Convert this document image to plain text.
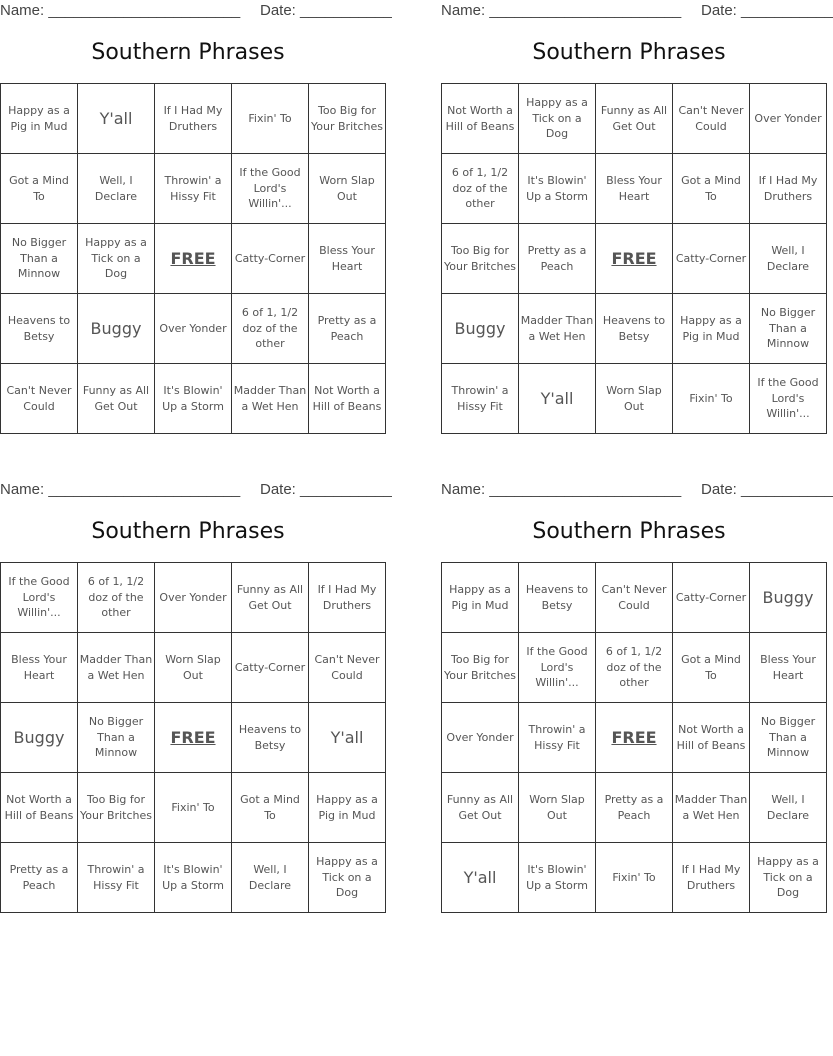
Name: _______________________ Date: ___________
Southern Phrases
Happy as a Pig in Mud	Y'all	If I Had My Druthers	Fixin' To	Too Big for Your Britches
Got a Mind To	Well, I Declare	Throwin' a Hissy Fit	If the Good Lord's Willin'...	Worn Slap Out
No Bigger Than a Minnow	Happy as a Tick on a Dog	FREE	Catty-Corner	Bless Your Heart
Heavens to Betsy	Buggy	Over Yonder	6 of 1, 1/2 doz of the other	Pretty as a Peach
Can't Never Could	Funny as All Get Out	It's Blowin' Up a Storm	Madder Than a Wet Hen	Not Worth a Hill of Beans
Name: _______________________ Date: ___________
Southern Phrases
Not Worth a Hill of Beans	Happy as a Tick on a Dog	Funny as All Get Out	Can't Never Could	Over Yonder
6 of 1, 1/2 doz of the other	It's Blowin' Up a Storm	Bless Your Heart	Got a Mind To	If I Had My Druthers
Too Big for Your Britches	Pretty as a Peach	FREE	Catty-Corner	Well, I Declare
Buggy	Madder Than a Wet Hen	Heavens to Betsy	Happy as a Pig in Mud	No Bigger Than a Minnow
Throwin' a Hissy Fit	Y'all	Worn Slap Out	Fixin' To	If the Good Lord's Willin'...
Name: _______________________ Date: ___________
Southern Phrases
If the Good Lord's Willin'...	6 of 1, 1/2 doz of the other	Over Yonder	Funny as All Get Out	If I Had My Druthers
Bless Your Heart	Madder Than a Wet Hen	Worn Slap Out	Catty-Corner	Can't Never Could
Buggy	No Bigger Than a Minnow	FREE	Heavens to Betsy	Y'all
Not Worth a Hill of Beans	Too Big for Your Britches	Fixin' To	Got a Mind To	Happy as a Pig in Mud
Pretty as a Peach	Throwin' a Hissy Fit	It's Blowin' Up a Storm	Well, I Declare	Happy as a Tick on a Dog
Name: _______________________ Date: ___________
Southern Phrases
Happy as a Pig in Mud	Heavens to Betsy	Can't Never Could	Catty-Corner	Buggy
Too Big for Your Britches	If the Good Lord's Willin'...	6 of 1, 1/2 doz of the other	Got a Mind To	Bless Your Heart
Over Yonder	Throwin' a Hissy Fit	FREE	Not Worth a Hill of Beans	No Bigger Than a Minnow
Funny as All Get Out	Worn Slap Out	Pretty as a Peach	Madder Than a Wet Hen	Well, I Declare
Y'all	It's Blowin' Up a Storm	Fixin' To	If I Had My Druthers	Happy as a Tick on a Dog
